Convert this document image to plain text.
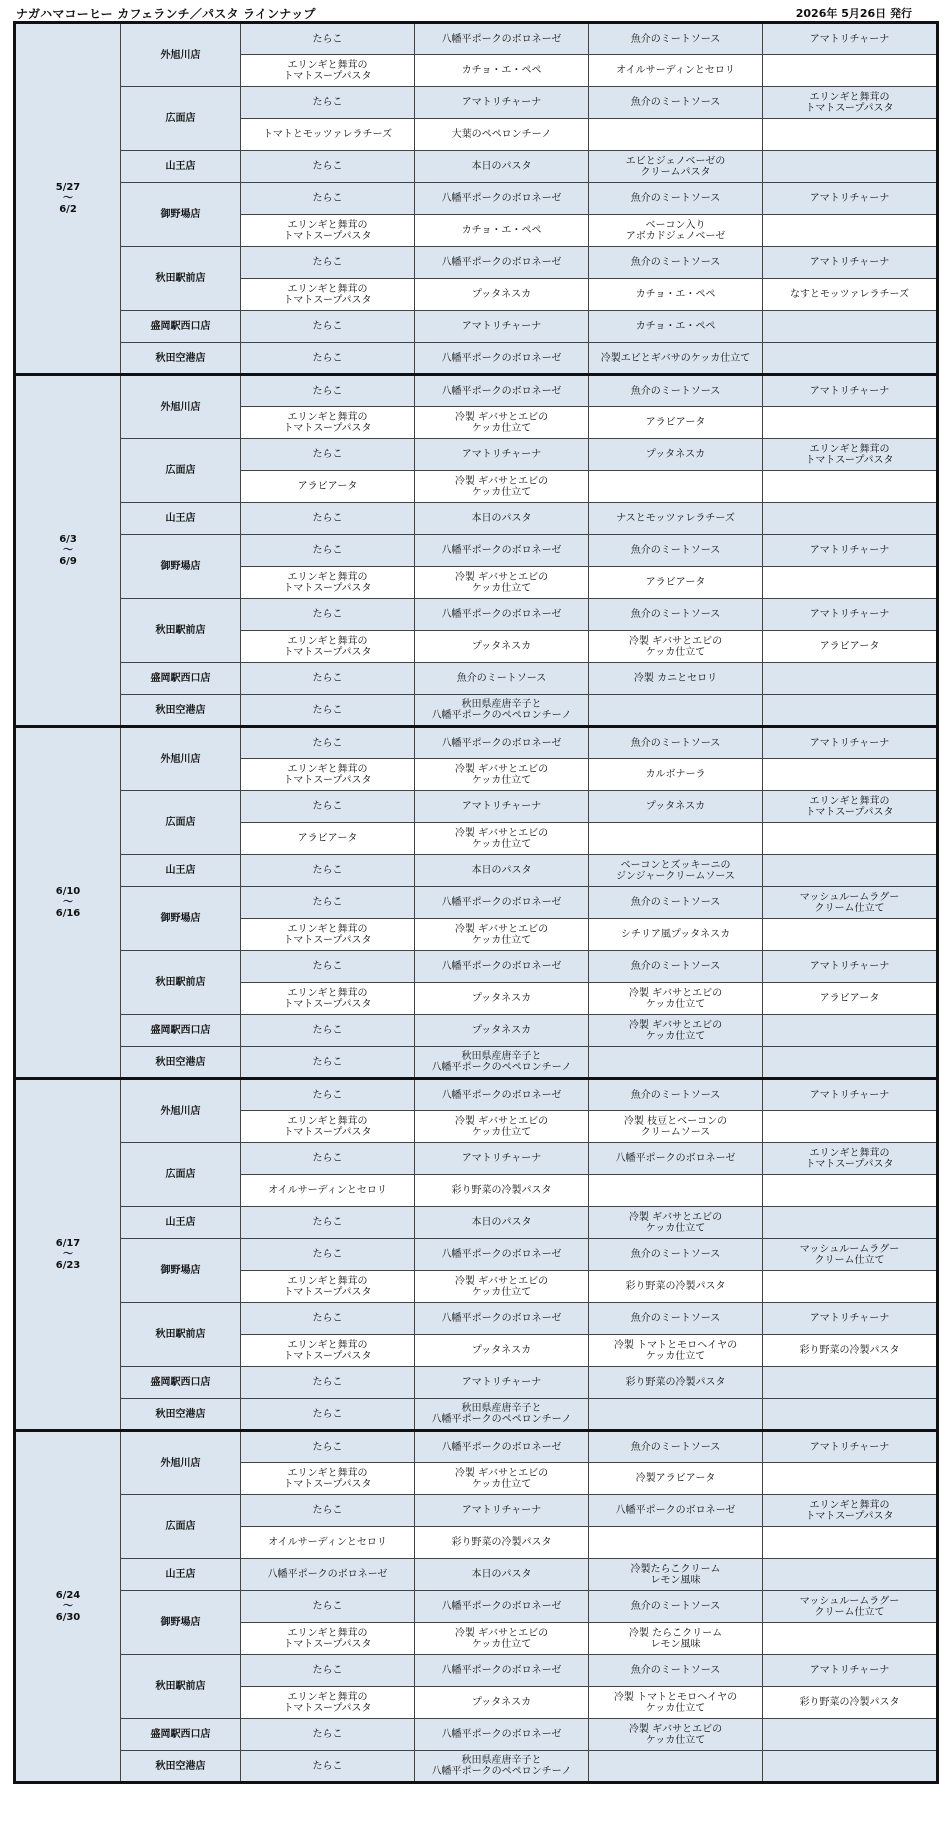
ナガハマコーヒー カフェランチ／パスタ ラインナップ	2026年 5月26日 発行
5/27
～
6/2	外旭川店	たらこ	八幡平ポークのボロネーゼ	魚介のミートソース	アマトリチャーナ
		エリンギと舞茸の
トマトスープパスタ	カチョ・エ・ペペ	オイルサーディンとセロリ	
	広面店	たらこ	アマトリチャーナ	魚介のミートソース	エリンギと舞茸の
トマトスープパスタ
		トマトとモッツァレラチーズ	大葉のペペロンチーノ		
	山王店	たらこ	本日のパスタ	エビとジェノベーゼの
クリームパスタ	
	御野場店	たらこ	八幡平ポークのボロネーゼ	魚介のミートソース	アマトリチャーナ
		エリンギと舞茸の
トマトスープパスタ	カチョ・エ・ペペ	ベーコン入り
アボカドジェノベーゼ	
	秋田駅前店	たらこ	八幡平ポークのボロネーゼ	魚介のミートソース	アマトリチャーナ
		エリンギと舞茸の
トマトスープパスタ	プッタネスカ	カチョ・エ・ペペ	なすとモッツァレラチーズ
	盛岡駅西口店	たらこ	アマトリチャーナ	カチョ・エ・ペペ	
	秋田空港店	たらこ	八幡平ポークのボロネーゼ	冷製エビとギバサのケッカ仕立て	
6/3
～
6/9	外旭川店	たらこ	八幡平ポークのボロネーゼ	魚介のミートソース	アマトリチャーナ
		エリンギと舞茸の
トマトスープパスタ	冷製 ギバサとエビの
ケッカ仕立て	アラビアータ	
	広面店	たらこ	アマトリチャーナ	プッタネスカ	エリンギと舞茸の
トマトスープパスタ
		アラビアータ	冷製 ギバサとエビの
ケッカ仕立て		
	山王店	たらこ	本日のパスタ	ナスとモッツァレラチーズ	
	御野場店	たらこ	八幡平ポークのボロネーゼ	魚介のミートソース	アマトリチャーナ
		エリンギと舞茸の
トマトスープパスタ	冷製 ギバサとエビの
ケッカ仕立て	アラビアータ	
	秋田駅前店	たらこ	八幡平ポークのボロネーゼ	魚介のミートソース	アマトリチャーナ
		エリンギと舞茸の
トマトスープパスタ	プッタネスカ	冷製 ギバサとエビの
ケッカ仕立て	アラビアータ
	盛岡駅西口店	たらこ	魚介のミートソース	冷製 カニとセロリ	
	秋田空港店	たらこ	秋田県産唐辛子と
八幡平ポークのペペロンチーノ		
6/10
～
6/16	外旭川店	たらこ	八幡平ポークのボロネーゼ	魚介のミートソース	アマトリチャーナ
		エリンギと舞茸の
トマトスープパスタ	冷製 ギバサとエビの
ケッカ仕立て	カルボナーラ	
	広面店	たらこ	アマトリチャーナ	プッタネスカ	エリンギと舞茸の
トマトスープパスタ
		アラビアータ	冷製 ギバサとエビの
ケッカ仕立て		
	山王店	たらこ	本日のパスタ	ベーコンとズッキーニの
ジンジャークリームソース	
	御野場店	たらこ	八幡平ポークのボロネーゼ	魚介のミートソース	マッシュルームラグー
クリーム仕立て
		エリンギと舞茸の
トマトスープパスタ	冷製 ギバサとエビの
ケッカ仕立て	シチリア風プッタネスカ	
	秋田駅前店	たらこ	八幡平ポークのボロネーゼ	魚介のミートソース	アマトリチャーナ
		エリンギと舞茸の
トマトスープパスタ	プッタネスカ	冷製 ギバサとエビの
ケッカ仕立て	アラビアータ
	盛岡駅西口店	たらこ	プッタネスカ	冷製 ギバサとエビの
ケッカ仕立て	
	秋田空港店	たらこ	秋田県産唐辛子と
八幡平ポークのペペロンチーノ		
6/17
～
6/23	外旭川店	たらこ	八幡平ポークのボロネーゼ	魚介のミートソース	アマトリチャーナ
		エリンギと舞茸の
トマトスープパスタ	冷製 ギバサとエビの
ケッカ仕立て	冷製 枝豆とベーコンの
クリームソース	
	広面店	たらこ	アマトリチャーナ	八幡平ポークのボロネーゼ	エリンギと舞茸の
トマトスープパスタ
		オイルサーディンとセロリ	彩り野菜の冷製パスタ		
	山王店	たらこ	本日のパスタ	冷製 ギバサとエビの
ケッカ仕立て	
	御野場店	たらこ	八幡平ポークのボロネーゼ	魚介のミートソース	マッシュルームラグー
クリーム仕立て
		エリンギと舞茸の
トマトスープパスタ	冷製 ギバサとエビの
ケッカ仕立て	彩り野菜の冷製パスタ	
	秋田駅前店	たらこ	八幡平ポークのボロネーゼ	魚介のミートソース	アマトリチャーナ
		エリンギと舞茸の
トマトスープパスタ	プッタネスカ	冷製 トマトとモロヘイヤの
ケッカ仕立て	彩り野菜の冷製パスタ
	盛岡駅西口店	たらこ	アマトリチャーナ	彩り野菜の冷製パスタ	
	秋田空港店	たらこ	秋田県産唐辛子と
八幡平ポークのペペロンチーノ		
6/24
～
6/30	外旭川店	たらこ	八幡平ポークのボロネーゼ	魚介のミートソース	アマトリチャーナ
		エリンギと舞茸の
トマトスープパスタ	冷製 ギバサとエビの
ケッカ仕立て	冷製アラビアータ	
	広面店	たらこ	アマトリチャーナ	八幡平ポークのボロネーゼ	エリンギと舞茸の
トマトスープパスタ
		オイルサーディンとセロリ	彩り野菜の冷製パスタ		
	山王店	八幡平ポークのボロネーゼ	本日のパスタ	冷製たらこクリーム
レモン風味	
	御野場店	たらこ	八幡平ポークのボロネーゼ	魚介のミートソース	マッシュルームラグー
クリーム仕立て
		エリンギと舞茸の
トマトスープパスタ	冷製 ギバサとエビの
ケッカ仕立て	冷製 たらこクリーム
レモン風味	
	秋田駅前店	たらこ	八幡平ポークのボロネーゼ	魚介のミートソース	アマトリチャーナ
		エリンギと舞茸の
トマトスープパスタ	プッタネスカ	冷製 トマトとモロヘイヤの
ケッカ仕立て	彩り野菜の冷製パスタ
	盛岡駅西口店	たらこ	八幡平ポークのボロネーゼ	冷製 ギバサとエビの
ケッカ仕立て	
	秋田空港店	たらこ	秋田県産唐辛子と
八幡平ポークのペペロンチーノ		
